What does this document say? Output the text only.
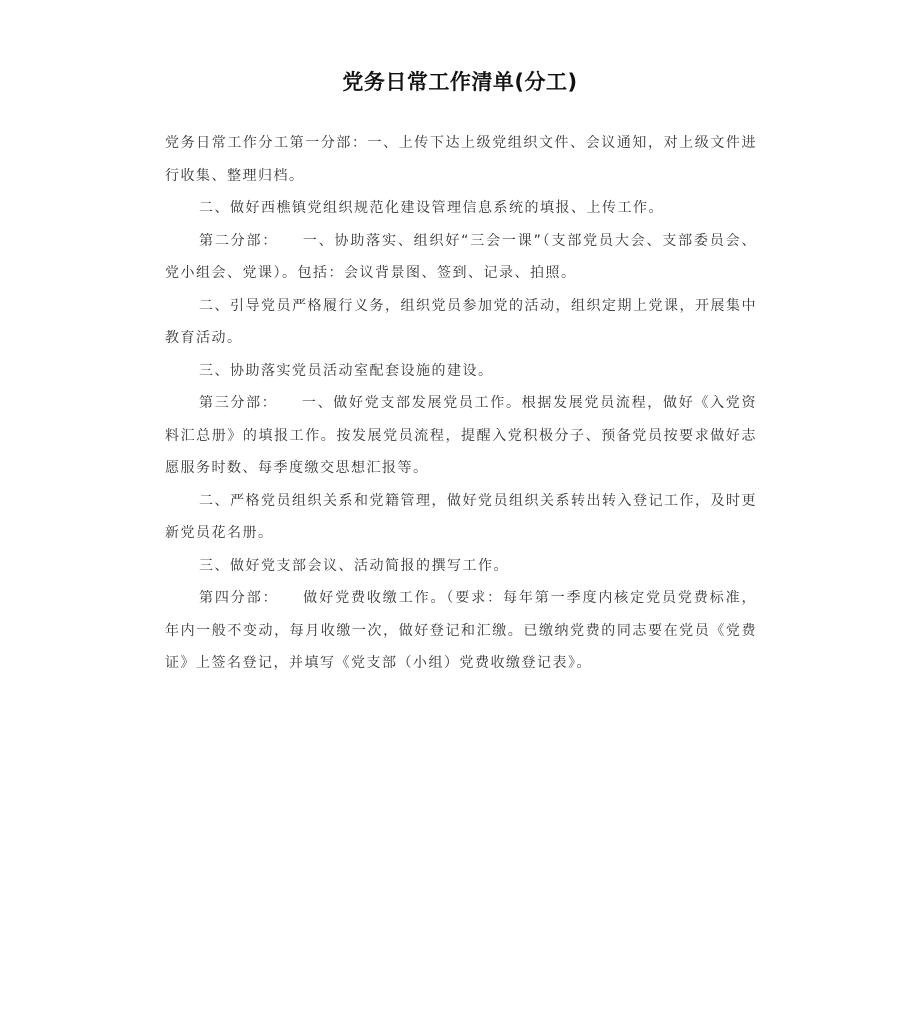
党务日常工作清单(分工)

党务日常工作分工第一分部：一、上传下达上级党组织文件、会议通知，对上级文件进行收集、整理归档。

二、做好西樵镇党组织规范化建设管理信息系统的填报、上传工作。

第二分部：　　一、协助落实、组织好“三会一课”（支部党员大会、支部委员会、党小组会、党课）。包括：会议背景图、签到、记录、拍照。

二、引导党员严格履行义务，组织党员参加党的活动，组织定期上党课，开展集中教育活动。

三、协助落实党员活动室配套设施的建设。

第三分部：　　一、做好党支部发展党员工作。根据发展党员流程，做好《入党资料汇总册》的填报工作。按发展党员流程，提醒入党积极分子、预备党员按要求做好志愿服务时数、每季度缴交思想汇报等。

二、严格党员组织关系和党籍管理，做好党员组织关系转出转入登记工作，及时更新党员花名册。

三、做好党支部会议、活动简报的撰写工作。

第四分部：　　做好党费收缴工作。（要求：每年第一季度内核定党员党费标准，年内一般不变动，每月收缴一次，做好登记和汇缴。已缴纳党费的同志要在党员《党费证》上签名登记，并填写《党支部（小组）党费收缴登记表》。
